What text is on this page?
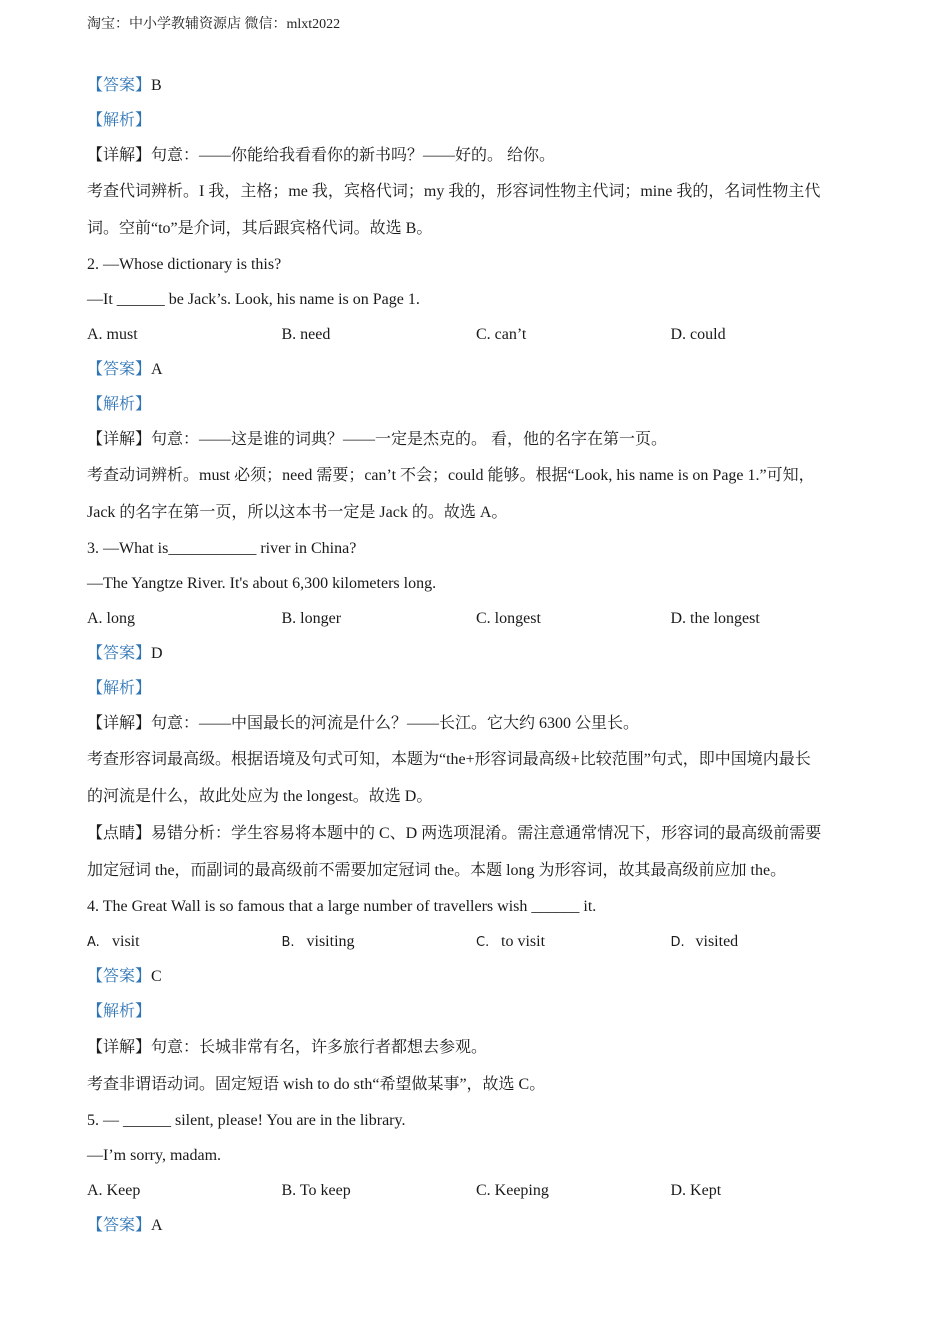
淘宝：中小学教辅资源店 微信：mlxt2022
【答案】B
【解析】
【详解】句意：——你能给我看看你的新书吗？——好的。 给你。
考查代词辨析。I 我，主格；me 我，宾格代词；my 我的，形容词性物主代词；mine 我的，名词性物主代
词。空前“to”是介词，其后跟宾格代词。故选 B。
2. —Whose dictionary is this?
—It ______ be Jack’s. Look, his name is on Page 1.
A. must	B. need	C. can’t	D. could
【答案】A
【解析】
【详解】句意：——这是谁的词典？——一定是杰克的。 看，他的名字在第一页。
考查动词辨析。must 必须；need 需要；can’t 不会；could 能够。根据“Look, his name is on Page 1.”可知，
Jack 的名字在第一页，所以这本书一定是 Jack 的。故选 A。
3. —What is___________ river in China?
—The Yangtze River. It's about 6,300 kilometers long.
A. long	B. longer	C. longest	D. the longest
【答案】D
【解析】
【详解】句意：——中国最长的河流是什么？——长江。它大约 6300 公里长。
考查形容词最高级。根据语境及句式可知，本题为“the+形容词最高级+比较范围”句式，即中国境内最长
的河流是什么，故此处应为 the longest。故选 D。
【点睛】易错分析：学生容易将本题中的 C、D 两选项混淆。需注意通常情况下，形容词的最高级前需要
加定冠词 the，而副词的最高级前不需要加定冠词 the。本题 long 为形容词，故其最高级前应加 the。
4. The Great Wall is so famous that a large number of travellers wish ______ it.
A. visit	B. visiting	C. to visit	D. visited
【答案】C
【解析】
【详解】句意：长城非常有名，许多旅行者都想去参观。
考查非谓语动词。固定短语 wish to do sth“希望做某事”，故选 C。
5. — ______ silent, please! You are in the library.
—I’m sorry, madam.
A. Keep	B. To keep	C. Keeping	D. Kept
【答案】A
